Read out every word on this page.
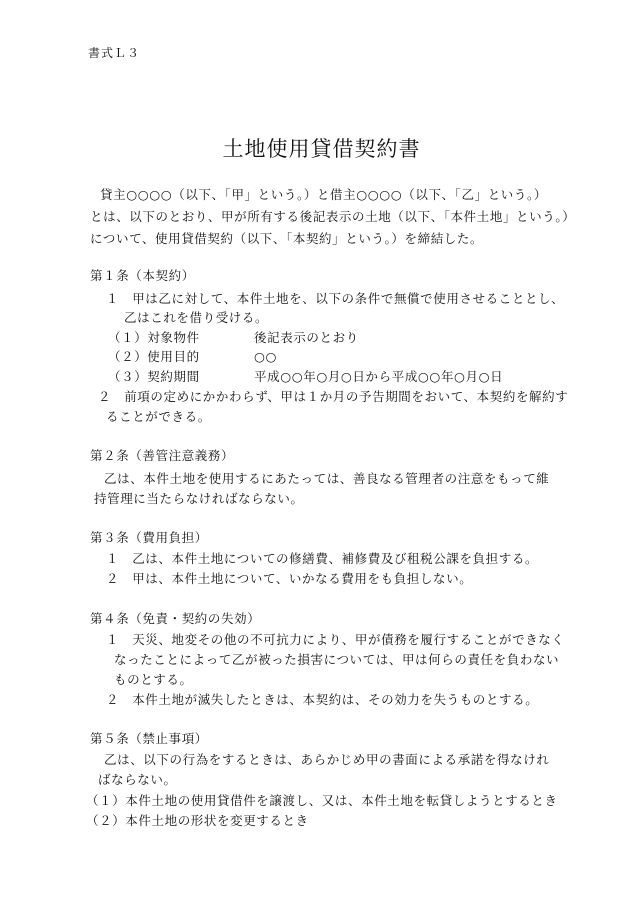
書式Ｌ３
土地使用貸借契約書
貸主○○○○（以下、「甲」という。）と借主○○○○（以下、「乙」という。）
とは、以下のとおり、甲が所有する後記表示の土地（以下、「本件土地」という。）
について、使用貸借契約（以下、「本契約」という。）を締結した。
第１条（本契約）
１　甲は乙に対して、本件土地を、以下の条件で無償で使用させることとし、
乙はこれを借り受ける。
（１）対象物件	後記表示のとおり
（２）使用目的	○○
（３）契約期間	平成○○年○月○日から平成○○年○月○日
２　前項の定めにかかわらず、甲は１か月の予告期間をおいて、本契約を解約す
ることができる。
第２条（善管注意義務）
乙は、本件土地を使用するにあたっては、善良なる管理者の注意をもって維
持管理に当たらなければならない。
第３条（費用負担）
１　乙は、本件土地についての修繕費、補修費及び租税公課を負担する。
２　甲は、本件土地について、いかなる費用をも負担しない。
第４条（免責・契約の失効）
１　天災、地変その他の不可抗力により、甲が債務を履行することができなく
なったことによって乙が被った損害については、甲は何らの責任を負わない
ものとする。
２　本件土地が滅失したときは、本契約は、その効力を失うものとする。
第５条（禁止事項）
乙は、以下の行為をするときは、あらかじめ甲の書面による承諾を得なけれ
ばならない。
（１）本件土地の使用貸借件を譲渡し、又は、本件土地を転貸しようとするとき
（２）本件土地の形状を変更するとき
